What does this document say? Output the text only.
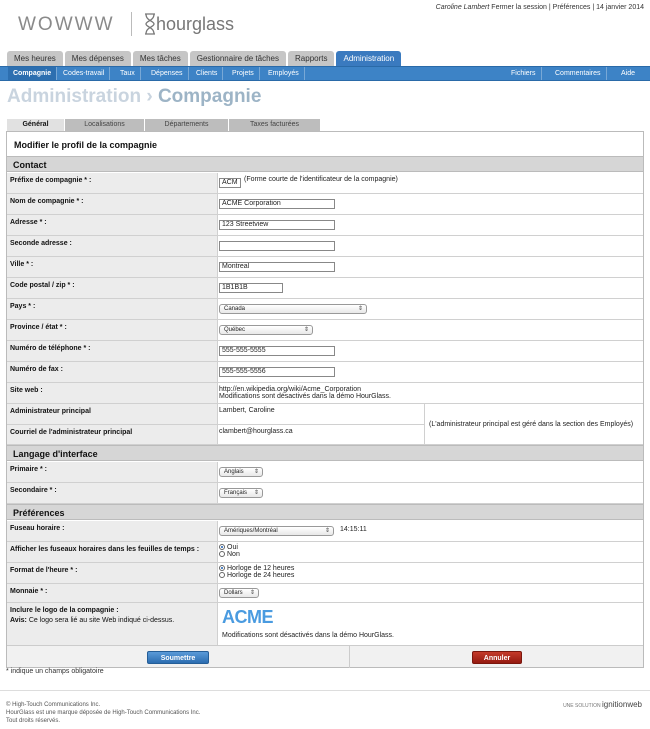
WOWWW hourglass
Caroline Lambert Fermer la session | Préférences | 14 janvier 2014
Mes heures	Mes dépenses	Mes tâches	Gestionnaire de tâches	Rapports	Administration
Compagnie	Codes-travail	Taux	Dépenses	Clients	Projets	Employés	Fichiers	Commentaires	Aide
Administration › Compagnie
Général	Localisations	Départements	Taxes facturées
Modifier le profil de la compagnie
Contact
Préfixe de compagnie * :	ACM (Forme courte de l'identificateur de la compagnie)
Nom de compagnie * :	ACME Corporation
Adresse * :	123 Streetview
Seconde adresse :
Ville * :	Montreal
Code postal / zip * :	1B1B1B
Pays * :	Canada	⇕
Province / état * :	Québec	⇕
Numéro de téléphone * :	555-555-5555
Numéro de fax :	555-555-5556
Site web :	http://en.wikipedia.org/wiki/Acme_Corporation
Modifications sont désactivés dans la démo HourGlass.
Administrateur principal	Lambert, Caroline
Courriel de l'administrateur principal	clambert@hourglass.ca
(L'administrateur principal est géré dans la section des Employés)
Langage d'interface
Primaire * :	Anglais ⇕
Secondaire * :	Français ⇕
Préférences
Fuseau horaire :	Amériques/Montréal	⇕ 14:15:11
Afficher les fuseaux horaires dans les feuilles de temps :	Oui
Non
Format de l'heure * :	Horloge de 12 heures
Horloge de 24 heures
Monnaie * :	Dollars ⇕
Inclure le logo de la compagnie :
Avis: Ce logo sera lié au site Web indiqué ci-dessus.	ACME
Modifications sont désactivés dans la démo HourGlass.
Soumettre	Annuler
* indique un champs obligatoire
© High-Touch Communications Inc.
HourGlass est une marque déposée de High-Touch Communications Inc.
Tout droits réservés.
UNE SOLUTION ignitionweb
